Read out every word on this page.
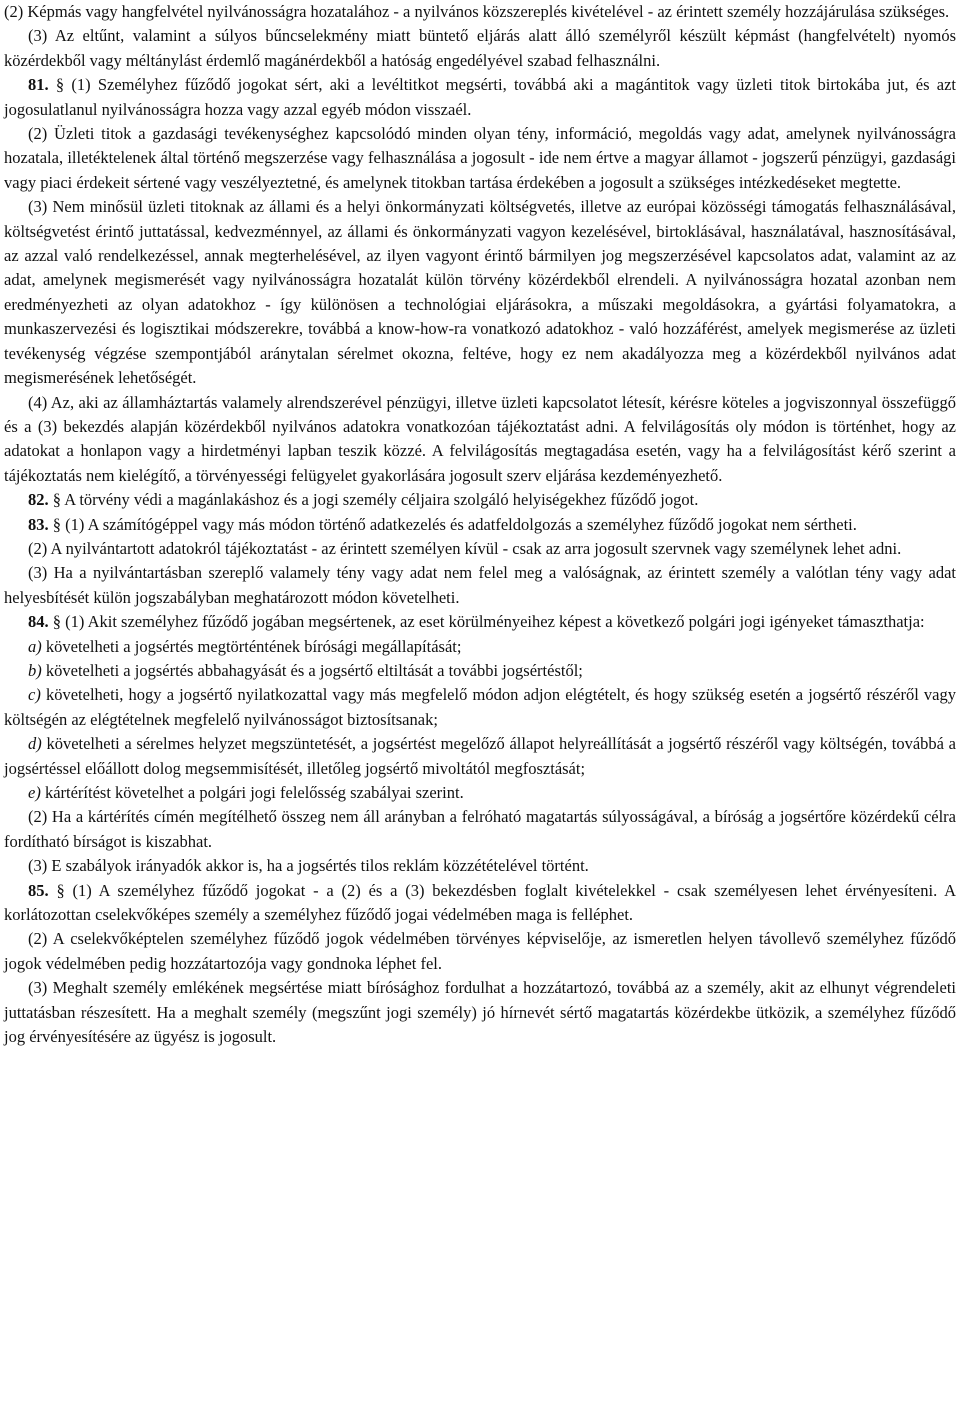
(2) Képmás vagy hangfelvétel nyilvánosságra hozatalához - a nyilvános közszereplés kivételével - az érintett személy hozzájárulása szükséges.

(3) Az eltűnt, valamint a súlyos bűncselekmény miatt büntető eljárás alatt álló személyről készült képmást (hangfelvételt) nyomós közérdekből vagy méltánylást érdemlő magánérdekből a hatóság engedélyével szabad felhasználni.

81. § (1) Személyhez fűződő jogokat sért, aki a levéltitkot megsérti, továbbá aki a magántitok vagy üzleti titok birtokába jut, és azt jogosulatlanul nyilvánosságra hozza vagy azzal egyéb módon visszaél.

(2) Üzleti titok a gazdasági tevékenységhez kapcsolódó minden olyan tény, információ, megoldás vagy adat, amelynek nyilvánosságra hozatala, illetéktelenek által történő megszerzése vagy felhasználása a jogosult - ide nem értve a magyar államot - jogszerű pénzügyi, gazdasági vagy piaci érdekeit sértené vagy veszélyeztetné, és amelynek titokban tartása érdekében a jogosult a szükséges intézkedéseket megtette.

(3) Nem minősül üzleti titoknak az állami és a helyi önkormányzati költségvetés, illetve az európai közösségi támogatás felhasználásával, költségvetést érintő juttatással, kedvezménnyel, az állami és önkormányzati vagyon kezelésével, birtoklásával, használatával, hasznosításával, az azzal való rendelkezéssel, annak megterhelésével, az ilyen vagyont érintő bármilyen jog megszerzésével kapcsolatos adat, valamint az az adat, amelynek megismerését vagy nyilvánosságra hozatalát külön törvény közérdekből elrendeli. A nyilvánosságra hozatal azonban nem eredményezheti az olyan adatokhoz - így különösen a technológiai eljárásokra, a műszaki megoldásokra, a gyártási folyamatokra, a munkaszervezési és logisztikai módszerekre, továbbá a know-how-ra vonatkozó adatokhoz - való hozzáférést, amelyek megismerése az üzleti tevékenység végzése szempontjából aránytalan sérelmet okozna, feltéve, hogy ez nem akadályozza meg a közérdekből nyilvános adat megismerésének lehetőségét.

(4) Az, aki az államháztartás valamely alrendszerével pénzügyi, illetve üzleti kapcsolatot létesít, kérésre köteles a jogviszonnyal összefüggő és a (3) bekezdés alapján közérdekből nyilvános adatokra vonatkozóan tájékoztatást adni. A felvilágosítás oly módon is történhet, hogy az adatokat a honlapon vagy a hirdetményi lapban teszik közzé. A felvilágosítás megtagadása esetén, vagy ha a felvilágosítást kérő szerint a tájékoztatás nem kielégítő, a törvényességi felügyelet gyakorlására jogosult szerv eljárása kezdeményezhető.

82. § A törvény védi a magánlakáshoz és a jogi személy céljaira szolgáló helyiségekhez fűződő jogot.

83. § (1) A számítógéppel vagy más módon történő adatkezelés és adatfeldolgozás a személyhez fűződő jogokat nem sértheti.

(2) A nyilvántartott adatokról tájékoztatást - az érintett személyen kívül - csak az arra jogosult szervnek vagy személynek lehet adni.

(3) Ha a nyilvántartásban szereplő valamely tény vagy adat nem felel meg a valóságnak, az érintett személy a valótlan tény vagy adat helyesbítését külön jogszabályban meghatározott módon követelheti.

84. § (1) Akit személyhez fűződő jogában megsértenek, az eset körülményeihez képest a következő polgári jogi igényeket támaszthatja:

a) követelheti a jogsértés megtörténtének bírósági megállapítását;

b) követelheti a jogsértés abbahagyását és a jogsértő eltiltását a további jogsértéstől;

c) követelheti, hogy a jogsértő nyilatkozattal vagy más megfelelő módon adjon elégtételt, és hogy szükség esetén a jogsértő részéről vagy költségén az elégtételnek megfelelő nyilvánosságot biztosítsanak;

d) követelheti a sérelmes helyzet megszüntetését, a jogsértést megelőző állapot helyreállítását a jogsértő részéről vagy költségén, továbbá a jogsértéssel előállott dolog megsemmisítését, illetőleg jogsértő mivoltától megfosztását;

e) kártérítést követelhet a polgári jogi felelősség szabályai szerint.

(2) Ha a kártérítés címén megítélhető összeg nem áll arányban a felróható magatartás súlyosságával, a bíróság a jogsértőre közérdekű célra fordítható bírságot is kiszabhat.

(3) E szabályok irányadók akkor is, ha a jogsértés tilos reklám közzétételével történt.

85. § (1) A személyhez fűződő jogokat - a (2) és a (3) bekezdésben foglalt kivételekkel - csak személyesen lehet érvényesíteni. A korlátozottan cselekvőképes személy a személyhez fűződő jogai védelmében maga is felléphet.

(2) A cselekvőképtelen személyhez fűződő jogok védelmében törvényes képviselője, az ismeretlen helyen távollevő személyhez fűződő jogok védelmében pedig hozzátartozója vagy gondnoka léphet fel.

(3) Meghalt személy emlékének megsértése miatt bírósághoz fordulhat a hozzátartozó, továbbá az a személy, akit az elhunyt végrendeleti juttatásban részesített. Ha a meghalt személy (megszűnt jogi személy) jó hírnevét sértő magatartás közérdekbe ütközik, a személyhez fűződő jog érvényesítésére az ügyész is jogosult.
